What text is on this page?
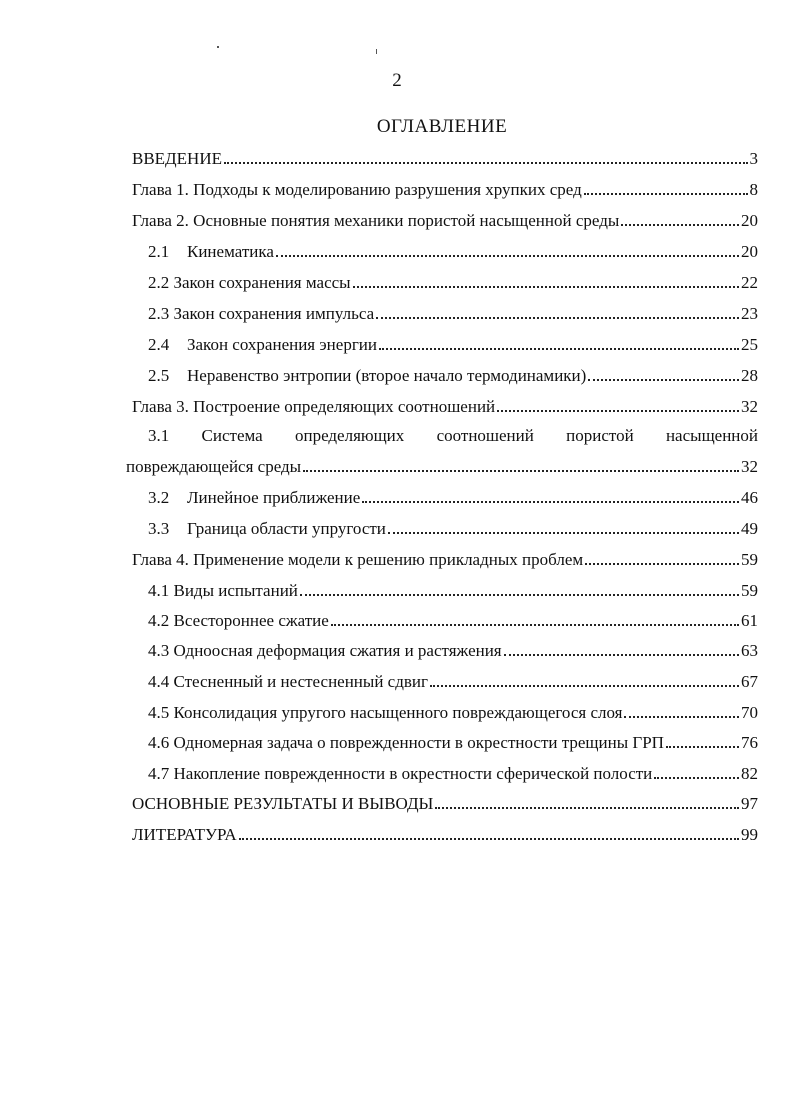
2
ОГЛАВЛЕНИЕ
ВВЕДЕНИЕ	3
Глава 1. Подходы к моделированию разрушения хрупких сред	8
Глава 2. Основные понятия механики пористой насыщенной среды	20
2.1	Кинематика	20
2.2 Закон сохранения массы	22
2.3 Закон сохранения импульса	23
2.4	Закон сохранения энергии	25
2.5	Неравенство энтропии (второе начало термодинамики)	28
Глава 3. Построение определяющих соотношений	32
3.1 Система определяющих соотношений пористой насыщенной
повреждающейся среды	32
3.2	Линейное приближение	46
3.3	Граница области упругости	49
Глава 4. Применение модели к решению прикладных проблем	59
4.1 Виды испытаний	59
4.2 Всестороннее сжатие	61
4.3 Одноосная деформация сжатия и растяжения	63
4.4 Стесненный и нестесненный сдвиг	67
4.5 Консолидация упругого насыщенного повреждающегося слоя	70
4.6 Одномерная задача о поврежденности в окрестности трещины ГРП	76
4.7 Накопление поврежденности в окрестности сферической полости	82
ОСНОВНЫЕ РЕЗУЛЬТАТЫ И ВЫВОДЫ	97
ЛИТЕРАТУРА	99
